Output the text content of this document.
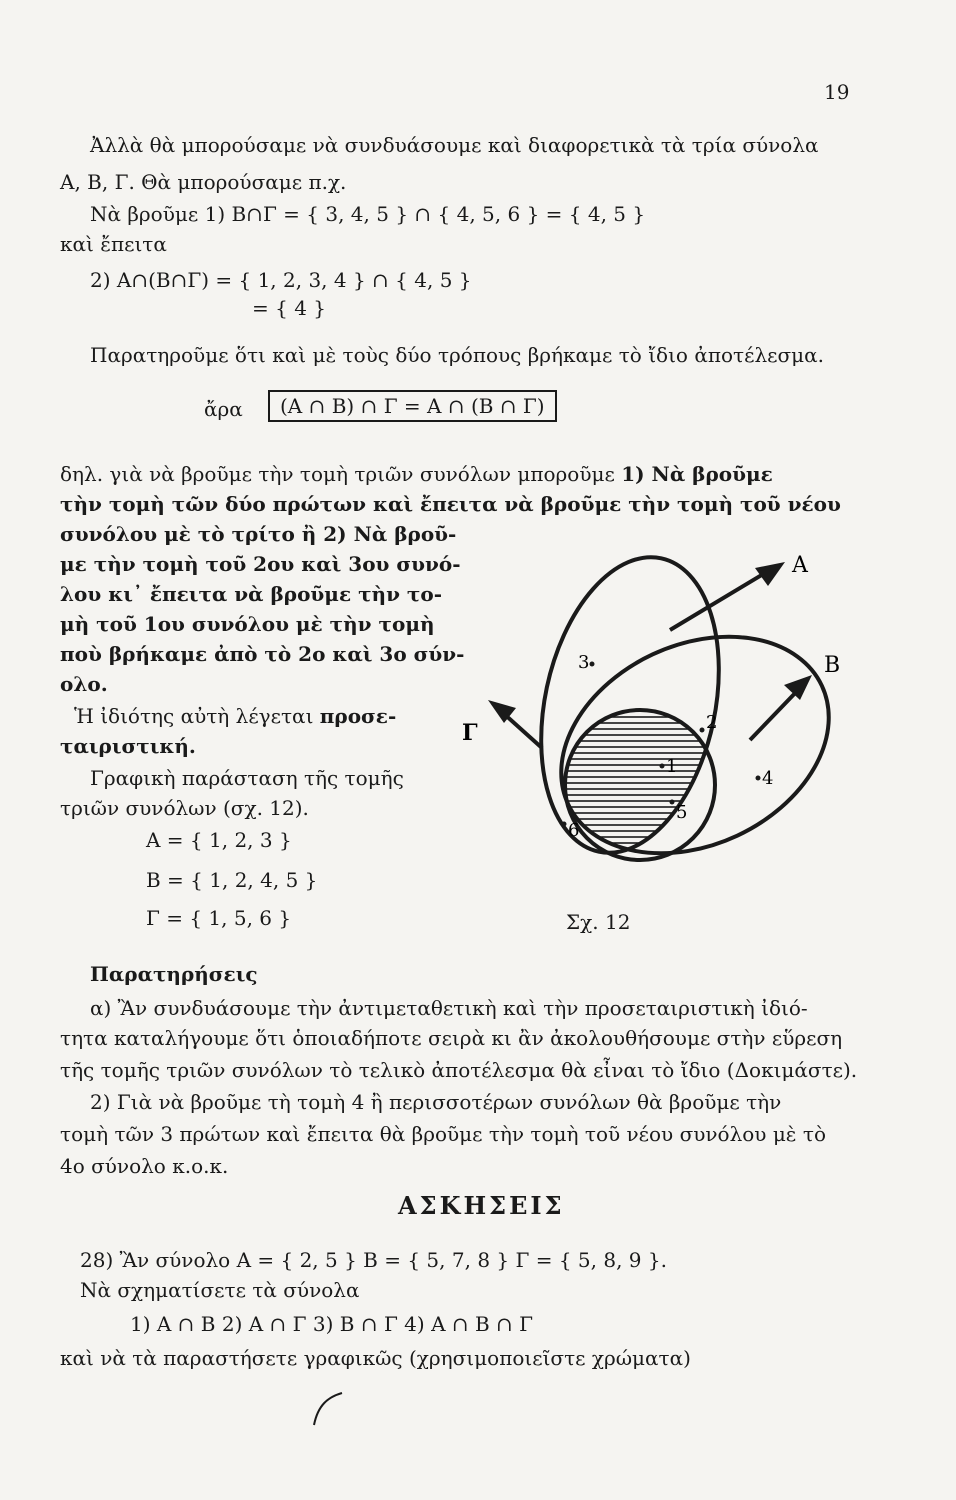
19
Ἀλλὰ θὰ μπορούσαμε νὰ συνδυάσουμε καὶ διαφορετικὰ τὰ τρία σύνολα
Α, Β, Γ. Θὰ μπορούσαμε π.χ.
Νὰ βροῦμε 1) Β∩Γ = { 3, 4, 5 } ∩ { 4, 5, 6 } = { 4, 5 }
καὶ ἔπειτα
2) Α∩(Β∩Γ) = { 1, 2, 3, 4 } ∩ { 4, 5 }
= { 4 }
Παρατηροῦμε ὅτι καὶ μὲ τοὺς δύο τρόπους βρήκαμε τὸ ἴδιο ἀποτέλεσμα.
ἄρα	(Α ∩ Β) ∩ Γ = Α ∩ (Β ∩ Γ)
δηλ. γιὰ νὰ βροῦμε τὴν τομὴ τριῶν συνόλων μποροῦμε 1) Νὰ βροῦμε
τὴν τομὴ τῶν δύο πρώτων καὶ ἔπειτα νὰ βροῦμε τὴν τομὴ τοῦ νέου
συνόλου μὲ τὸ τρίτο ἢ 2) Νὰ βροῦ-
με τὴν τομὴ τοῦ 2ου καὶ 3ου συνό-
λου κι᾿ ἔπειτα νὰ βροῦμε τὴν το-
μὴ τοῦ 1ου συνόλου μὲ τὴν τομὴ
ποὺ βρήκαμε ἀπὸ τὸ 2ο καὶ 3ο σύν-
ολο.
Ἡ ἰδιότης αὐτὴ λέγεται προσε-
ταιριστική.
Γραφικὴ παράσταση τῆς τομῆς
τριῶν συνόλων (σχ. 12).
Α = { 1, 2, 3 }
Β = { 1, 2, 4, 5 }
Γ = { 1, 5, 6 }
Α
Β
Γ
3
2
1
4
5
6
Σχ. 12
Παρατηρήσεις
α) Ἂν συνδυάσουμε τὴν ἀντιμεταθετικὴ καὶ τὴν προσεταιριστικὴ ἰδιό-
τητα καταλήγουμε ὅτι ὁποιαδήποτε σειρὰ κι ἂν ἀκολουθήσουμε στὴν εὕρεση
τῆς τομῆς τριῶν συνόλων τὸ τελικὸ ἀποτέλεσμα θὰ εἶναι τὸ ἴδιο (Δοκιμάστε).
2) Γιὰ νὰ βροῦμε τὴ τομὴ 4 ἢ περισσοτέρων συνόλων θὰ βροῦμε τὴν
τομὴ τῶν 3 πρώτων καὶ ἔπειτα θὰ βροῦμε τὴν τομὴ τοῦ νέου συνόλου μὲ τὸ
4ο σύνολο κ.ο.κ.
ΑΣΚΗΣΕΙΣ
28) Ἂν σύνολο Α = { 2, 5 } Β = { 5, 7, 8 } Γ = { 5, 8, 9 }.
Νὰ σχηματίσετε τὰ σύνολα
1) Α ∩ Β 2) Α ∩ Γ 3) Β ∩ Γ 4) Α ∩ Β ∩ Γ
καὶ νὰ τὰ παραστήσετε γραφικῶς (χρησιμοποιεῖστε χρώματα)
